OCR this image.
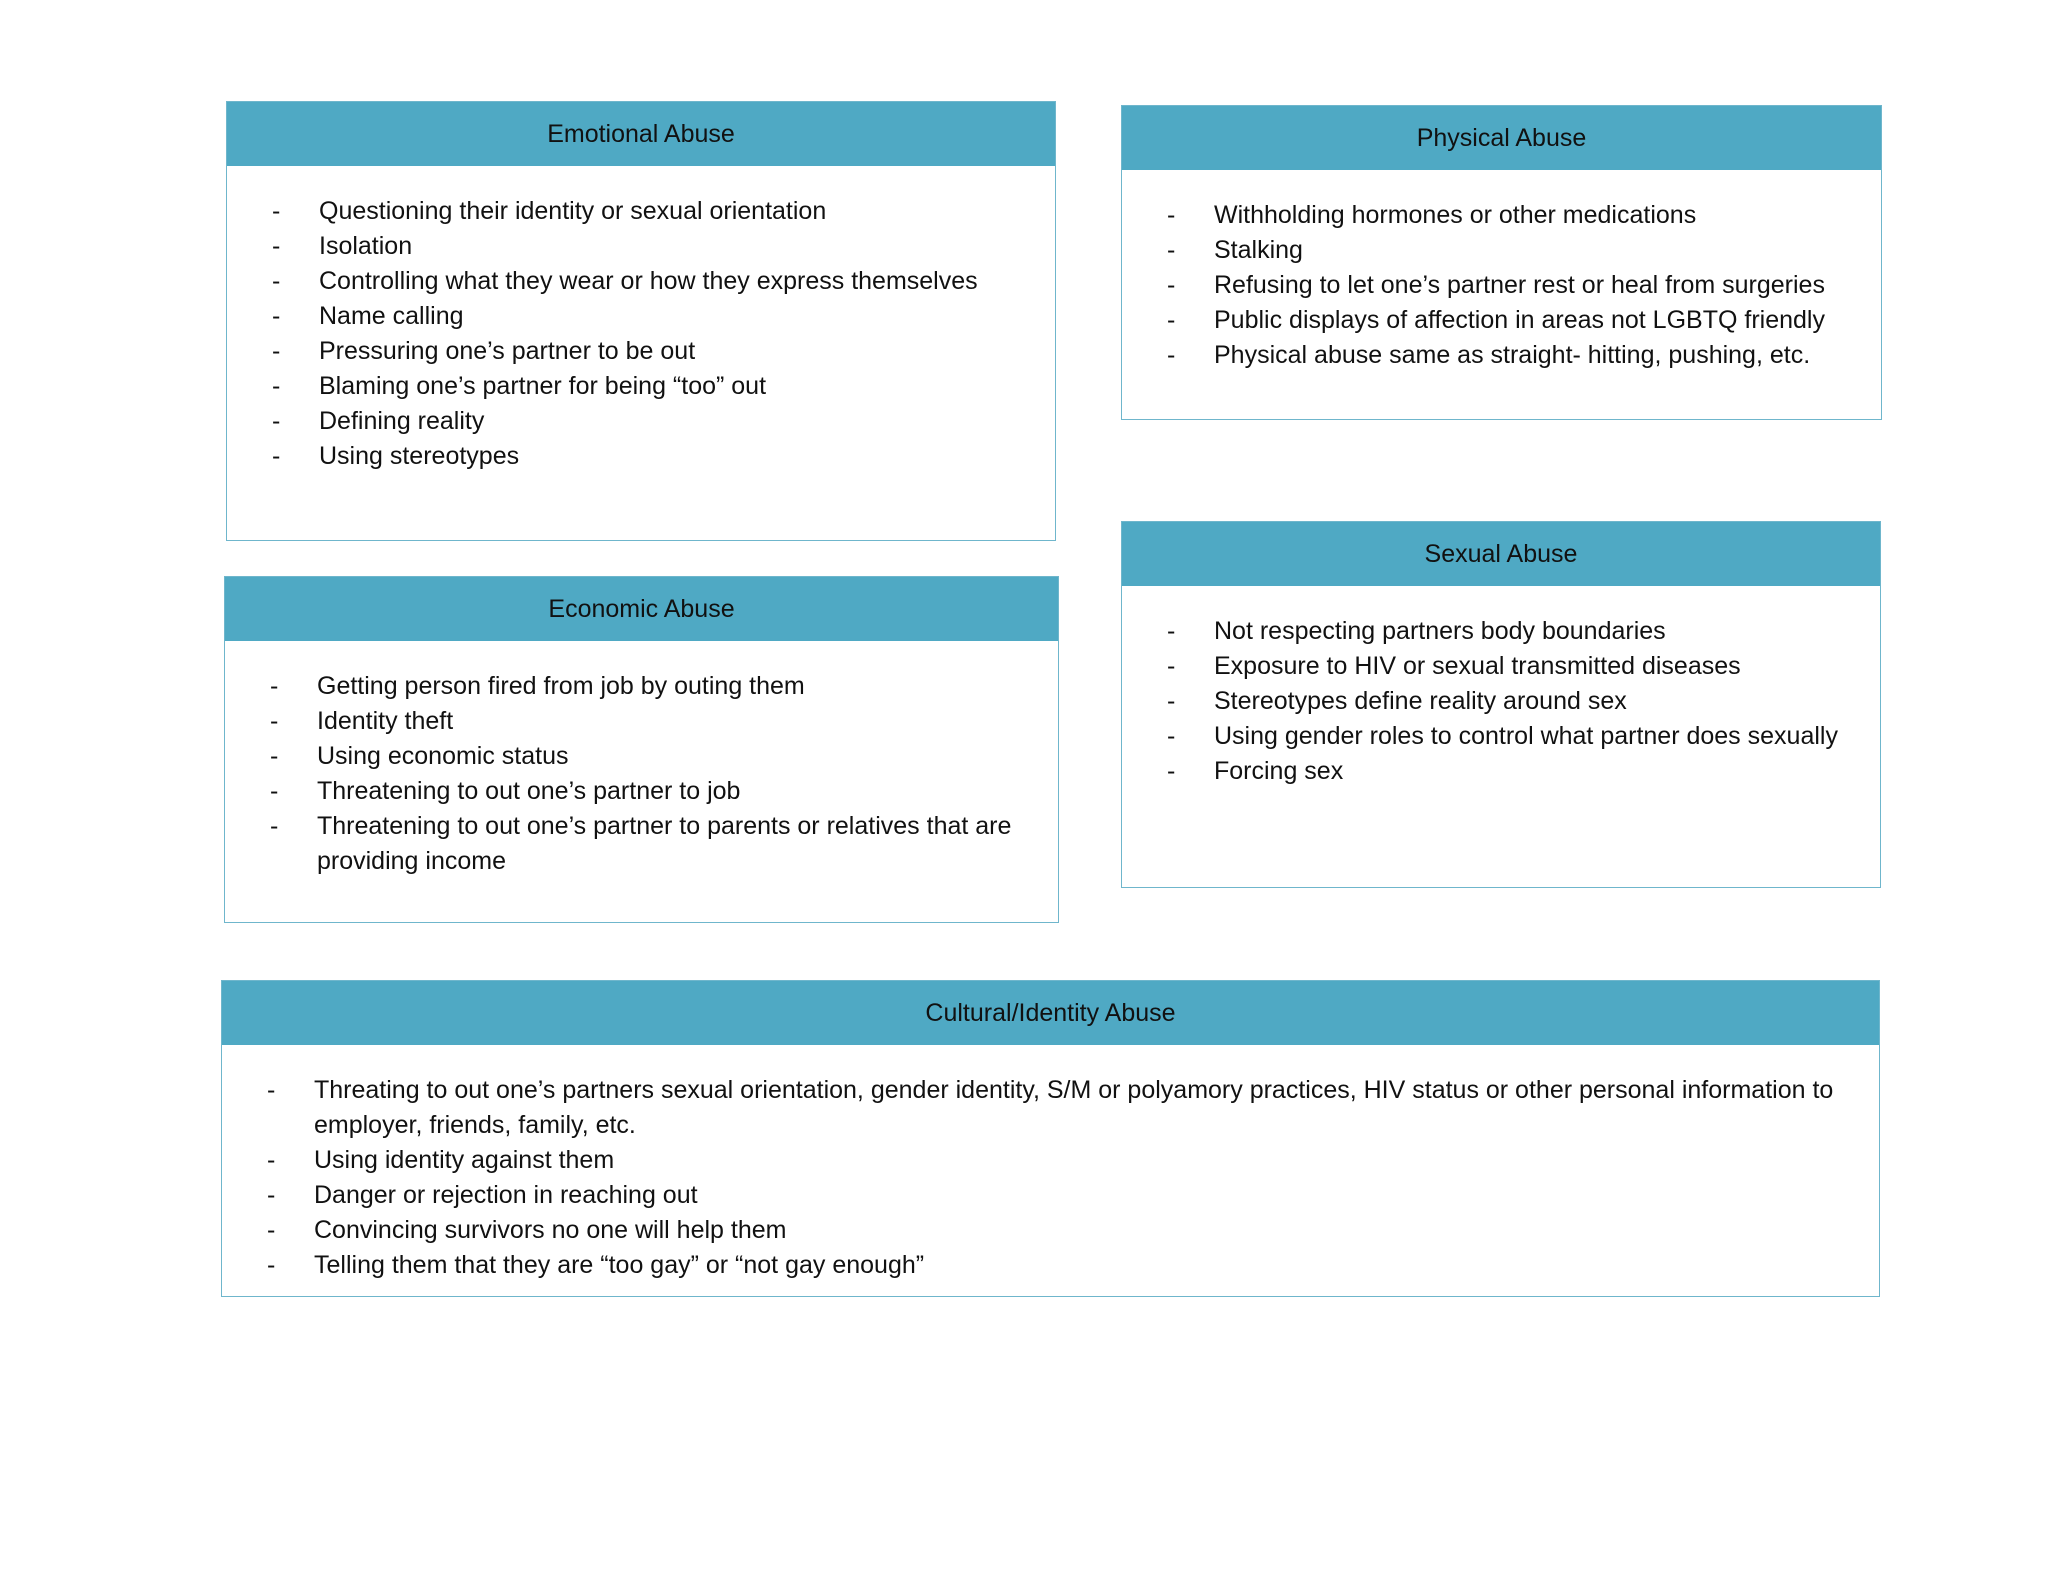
Emotional Abuse
- Questioning their identity or sexual orientation
- Isolation
- Controlling what they wear or how they express themselves
- Name calling
- Pressuring one’s partner to be out
- Blaming one’s partner for being “too” out
- Defining reality
- Using stereotypes
Physical Abuse
- Withholding hormones or other medications
- Stalking
- Refusing to let one’s partner rest or heal from surgeries
- Public displays of affection in areas not LGBTQ friendly
- Physical abuse same as straight- hitting, pushing, etc.
Economic Abuse
- Getting person fired from job by outing them
- Identity theft
- Using economic status
- Threatening to out one’s partner to job
- Threatening to out one’s partner to parents or relatives that are providing income
Sexual Abuse
- Not respecting partners body boundaries
- Exposure to HIV or sexual transmitted diseases
- Stereotypes define reality around sex
- Using gender roles to control what partner does sexually
- Forcing sex
Cultural/Identity Abuse
- Threating to out one’s partners sexual orientation, gender identity, S/M or polyamory practices, HIV status or other personal information to employer, friends, family, etc.
- Using identity against them
- Danger or rejection in reaching out
- Convincing survivors no one will help them
- Telling them that they are “too gay” or “not gay enough”
